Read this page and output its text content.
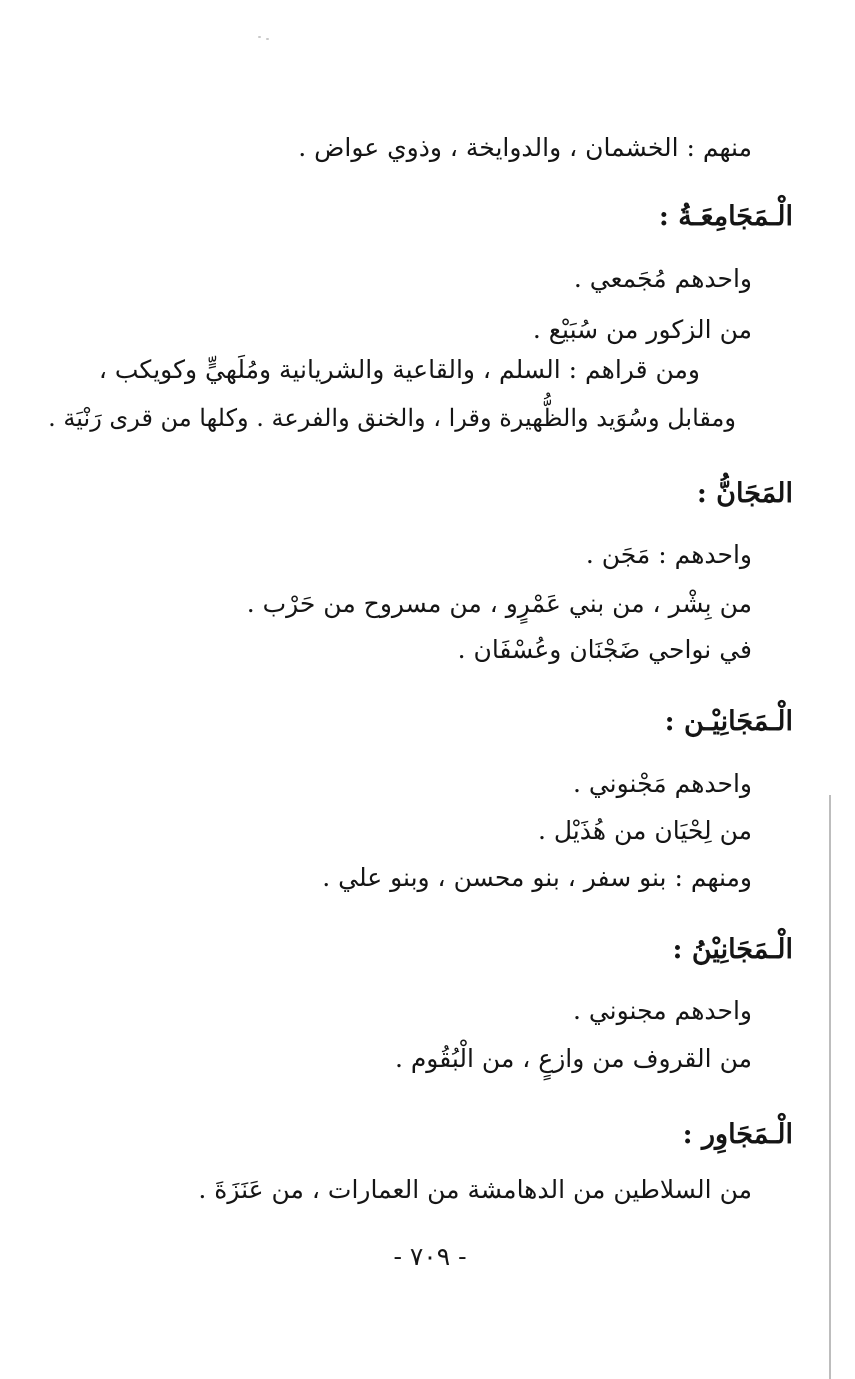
منهم : الخشمان ، والدوايخة ، وذوي عواض .
الْـمَجَامِعَـةُ :
واحدهم مُجَمعي .
من الزكور من سُبَيْع .
ومن قراهم : السلم ، والقاعية والشريانية ومُلَهيٍّ وكويكب ،
ومقابل وسُوَيد والظُّهيرة وقرا ، والخنق والفرعة . وكلها من قرى رَنْيَة .
المَجَانُّ :
واحدهم : مَجَن .
من بِشْر ، من بني عَمْرٍو ، من مسروح من حَرْب .
في نواحي ضَجْنَان وعُسْفَان .
الْـمَجَانِيْـن :
واحدهم مَجْنوني .
من لِحْيَان من هُذَيْل .
ومنهم : بنو سفر ، بنو محسن ، وبنو علي .
الْـمَجَانِيْنُ :
واحدهم مجنوني .
من القروف من وازعٍ ، من الْبُقُوم .
الْـمَجَاوِر :
من السلاطين من الدهامشة من العمارات ، من عَنَزَةَ .
- ٧٠٩ -
